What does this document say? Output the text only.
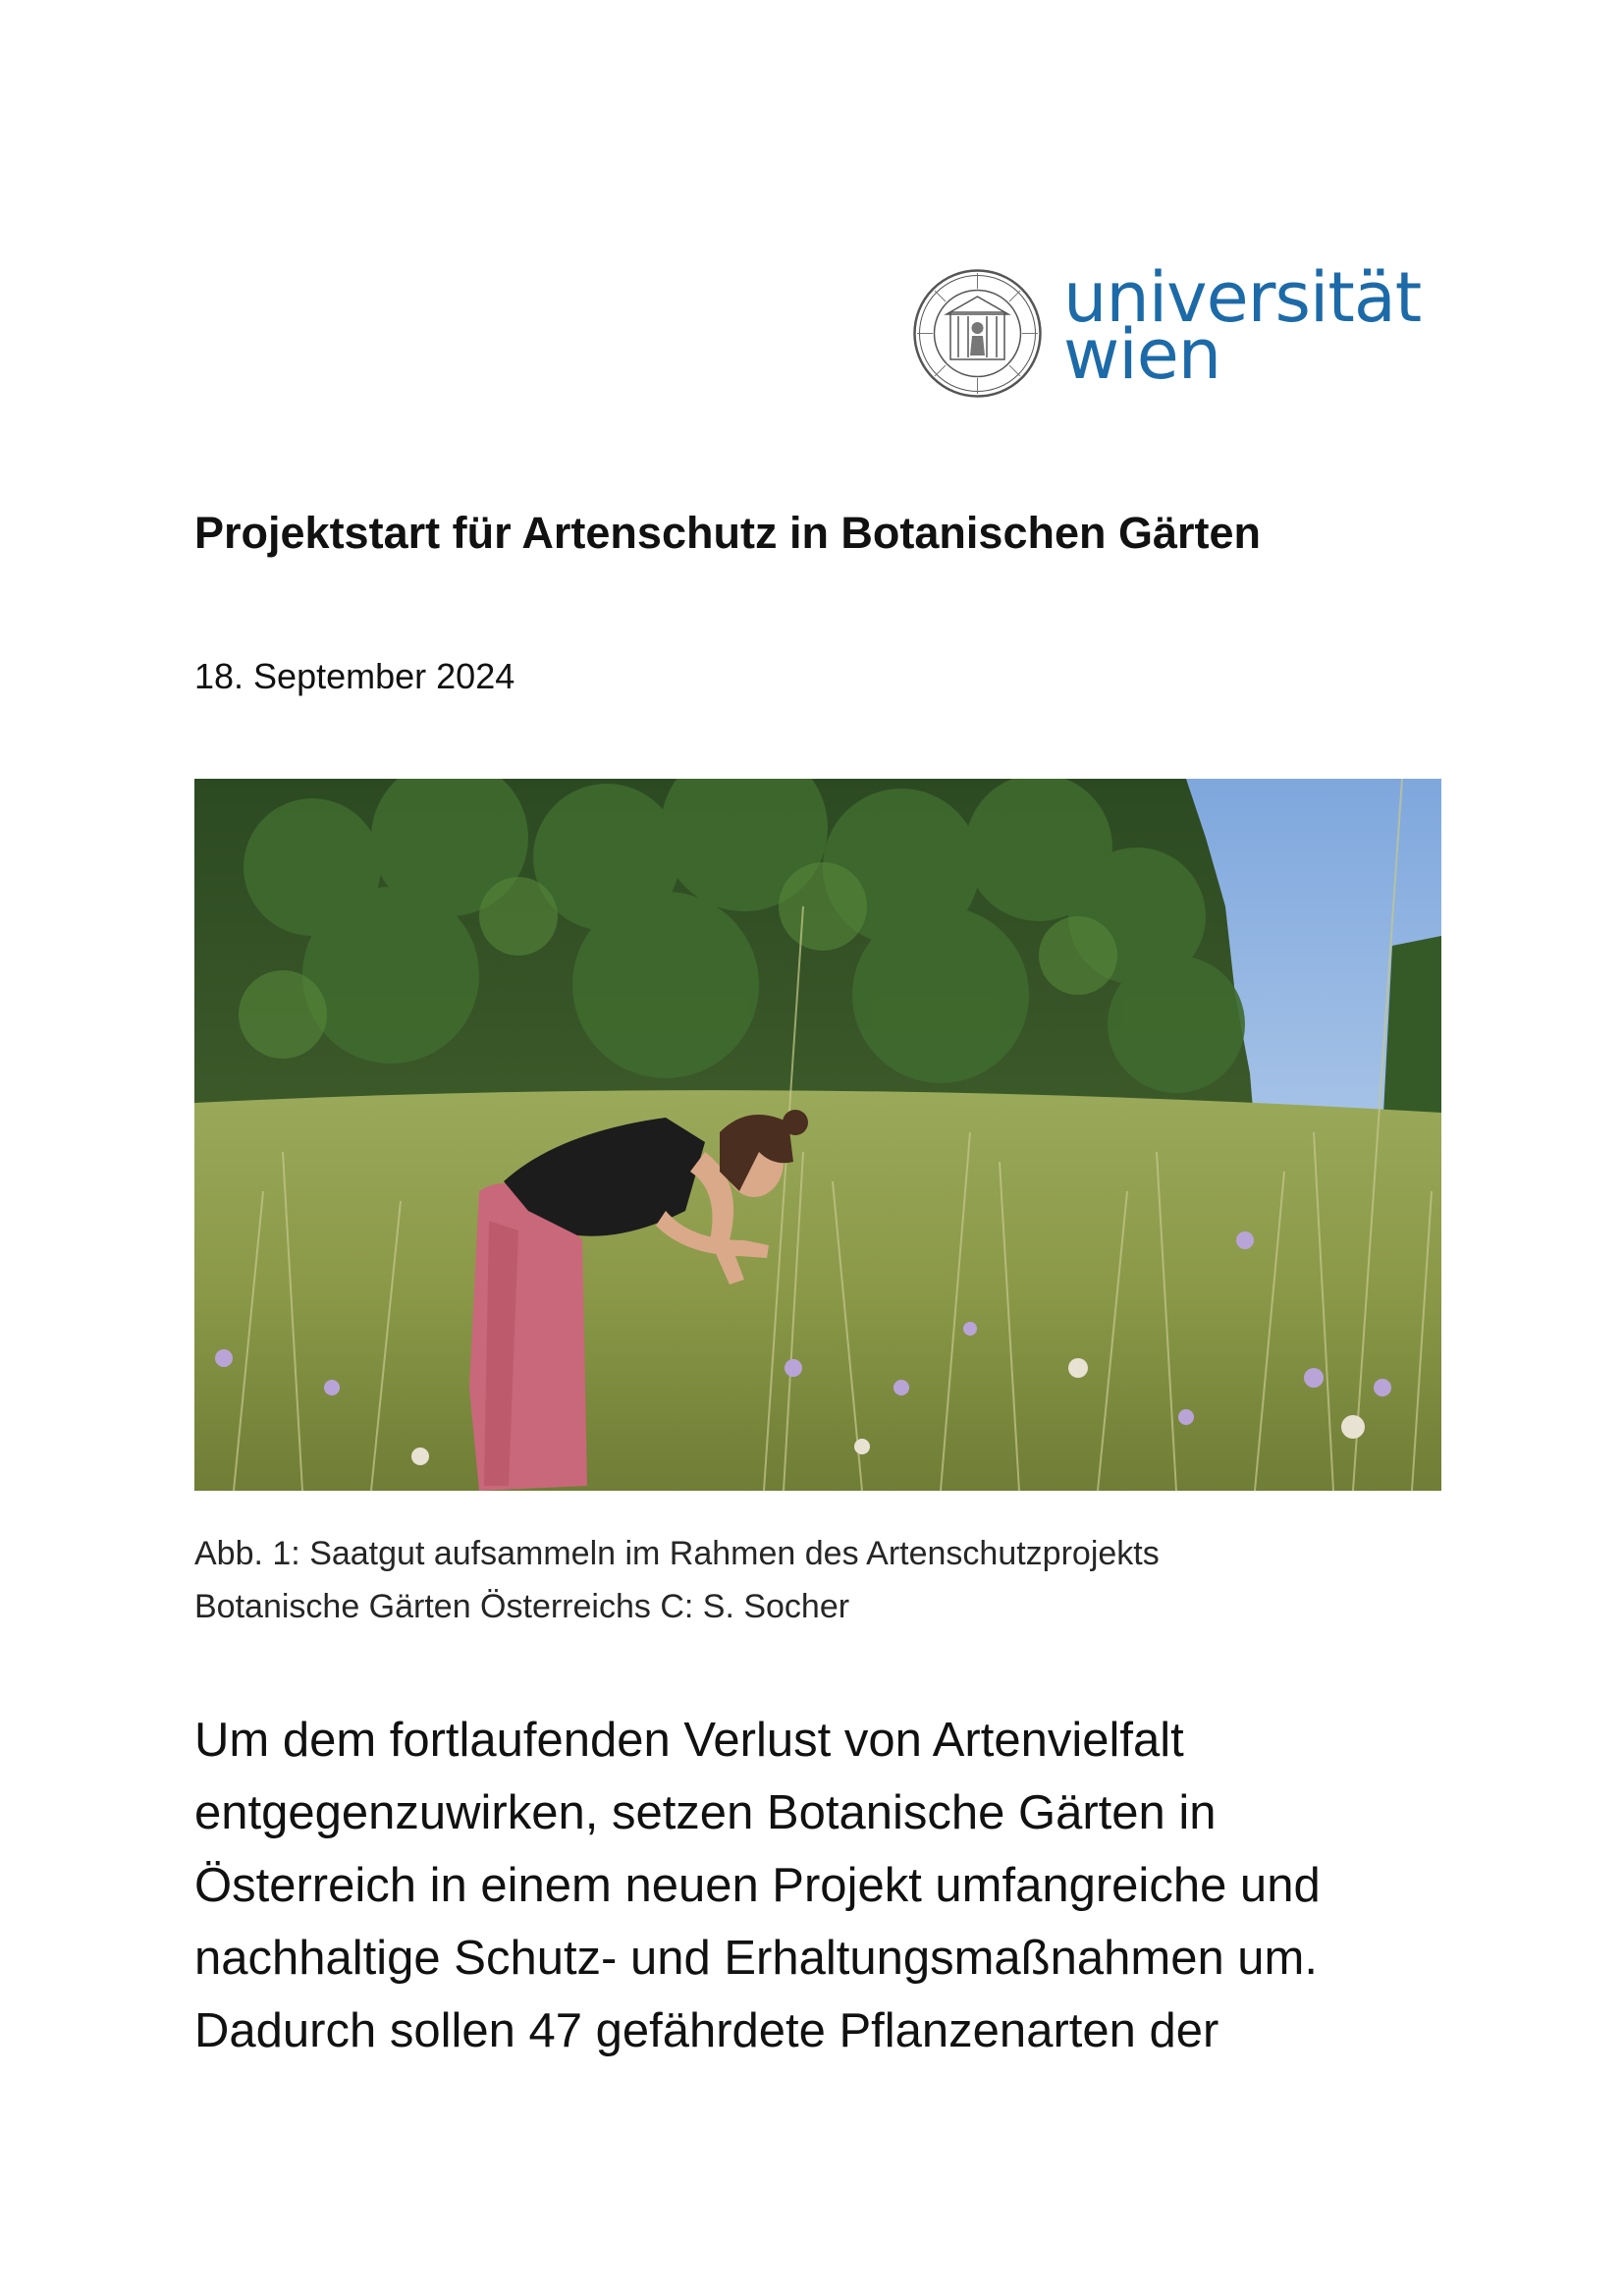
universität
wien
Projektstart für Artenschutz in Botanischen Gärten
18. September 2024
Abb. 1: Saatgut aufsammeln im Rahmen des Artenschutzprojekts
Botanische Gärten Österreichs C: S. Socher
Um dem fortlaufenden Verlust von Artenvielfalt
entgegenzuwirken, setzen Botanische Gärten in
Österreich in einem neuen Projekt umfangreiche und
nachhaltige Schutz- und Erhaltungsmaßnahmen um.
Dadurch sollen 47 gefährdete Pflanzenarten der
